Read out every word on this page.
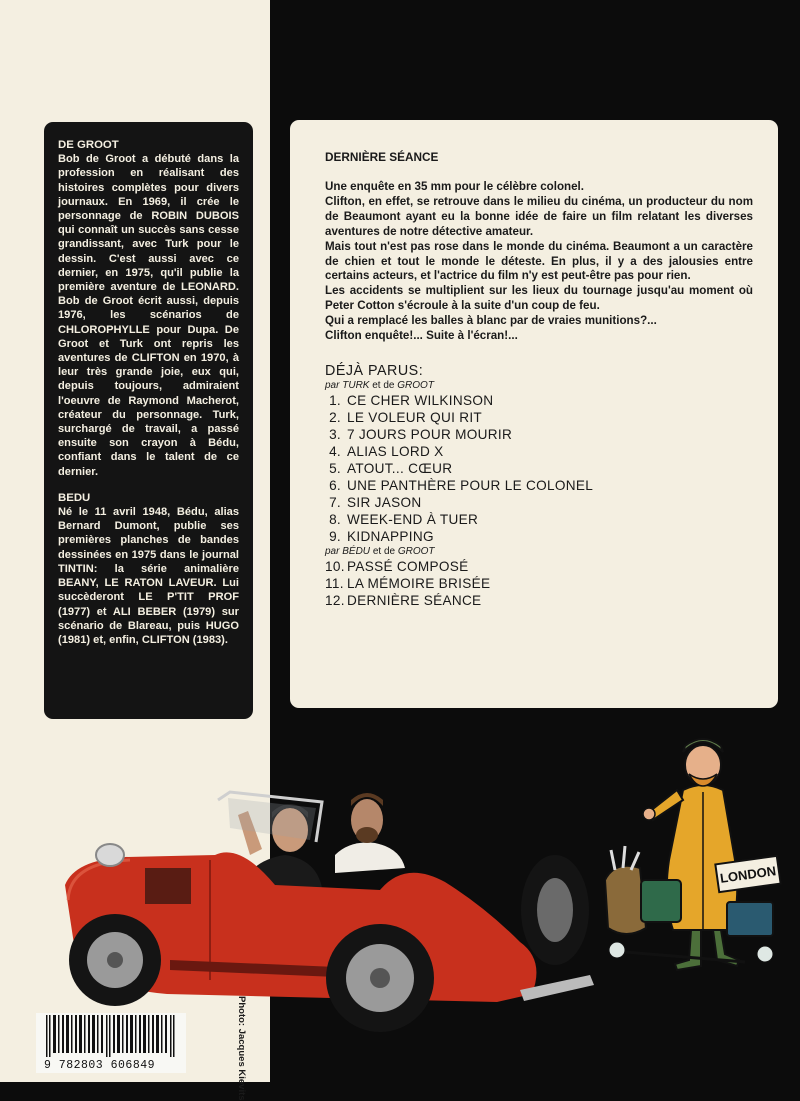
DE GROOT

Bob de Groot a débuté dans la profession en réalisant des histoires complètes pour divers journaux. En 1969, il crée le personnage de ROBIN DUBOIS qui connaît un succès sans cesse grandissant, avec Turk pour le dessin. C'est aussi avec ce dernier, en 1975, qu'il publie la première aventure de LEONARD. Bob de Groot écrit aussi, depuis 1976, les scénarios de CHLOROPHYLLE pour Dupa. De Groot et Turk ont repris les aventures de CLIFTON en 1970, à leur très grande joie, eux qui, depuis toujours, admiraient l'oeuvre de Raymond Macherot, créateur du personnage. Turk, surchargé de travail, a passé ensuite son crayon à Bédu, confiant dans le talent de ce dernier.

BEDU

Né le 11 avril 1948, Bédu, alias Bernard Dumont, publie ses premières planches de bandes dessinées en 1975 dans le journal TINTIN: la série animalière BEANY, LE RATON LAVEUR. Lui succèderont LE P'TIT PROF (1977) et ALI BEBER (1979) sur scénario de Blareau, puis HUGO (1981) et, enfin, CLIFTON (1983).

DERNIÈRE SÉANCE

Une enquête en 35 mm pour le célèbre colonel.
Clifton, en effet, se retrouve dans le milieu du cinéma, un producteur du nom de Beaumont ayant eu la bonne idée de faire un film relatant les diverses aventures de notre détective amateur.
Mais tout n'est pas rose dans le monde du cinéma. Beaumont a un caractère de chien et tout le monde le déteste. En plus, il y a des jalousies entre certains acteurs, et l'actrice du film n'y est peut-être pas pour rien.
Les accidents se multiplient sur les lieux du tournage jusqu'au moment où Peter Cotton s'écroule à la suite d'un coup de feu.
Qui a remplacé les balles à blanc par de vraies munitions?...
Clifton enquête!... Suite à l'écran!...

DÉJÀ PARUS:
par TURK et de GROOT
1. CE CHER WILKINSON
2. LE VOLEUR QUI RIT
3. 7 JOURS POUR MOURIR
4. ALIAS LORD X
5. ATOUT... CŒUR
6. UNE PANTHÈRE POUR LE COLONEL
7. SIR JASON
8. WEEK-END À TUER
9. KIDNAPPING
par BÉDU et de GROOT
10. PASSÉ COMPOSÉ
11. LA MÉMOIRE BRISÉE
12. DERNIÈRE SÉANCE
LONDON
Photo: Jacques Kievits
9 782803 606849
